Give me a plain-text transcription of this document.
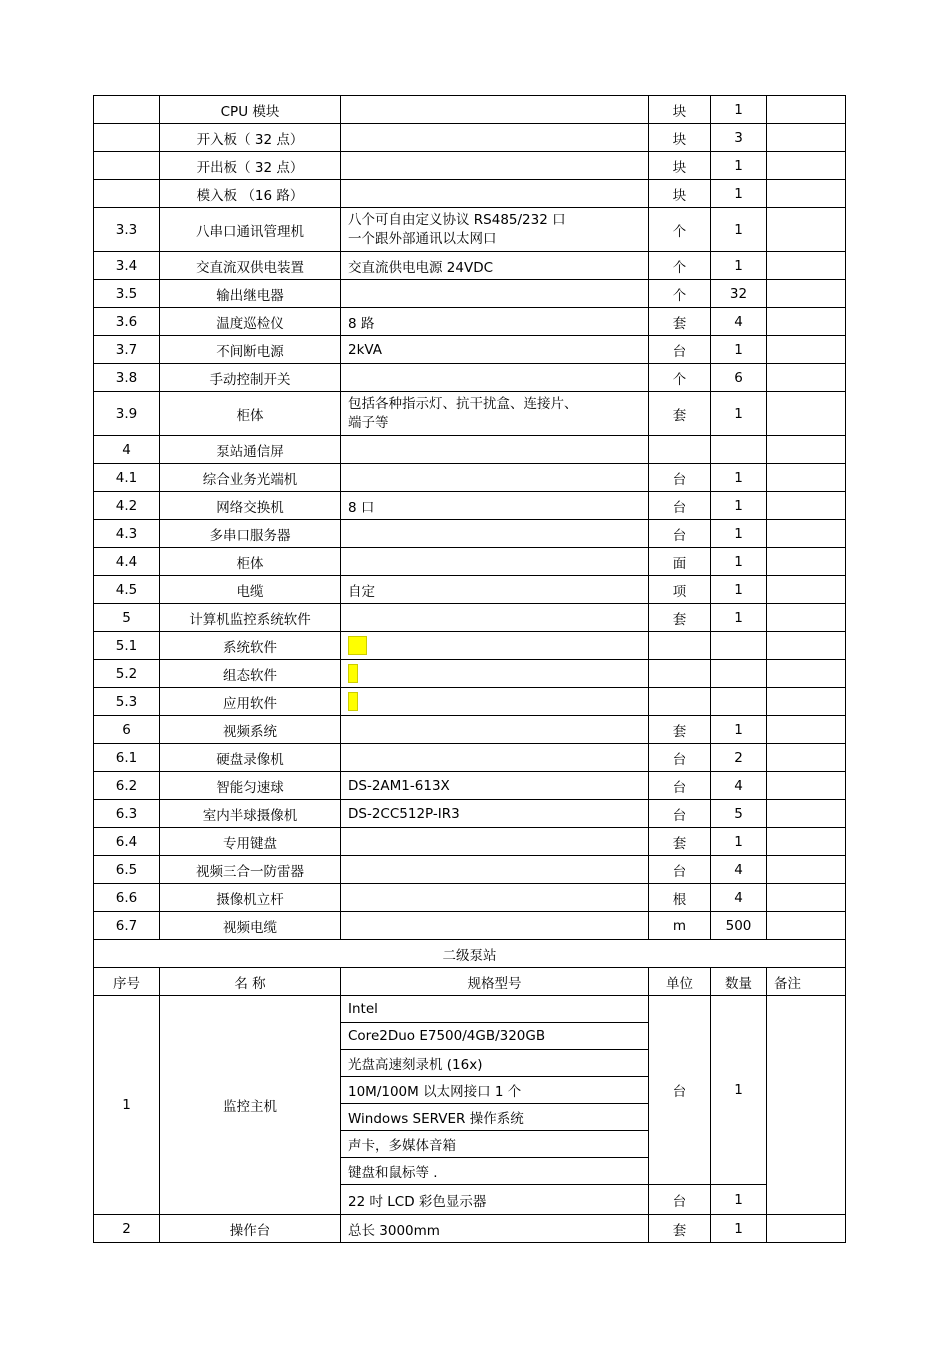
	CPU 模块		块	1	
	开入板（ 32 点）		块	3	
	开出板（ 32 点）		块	1	
	模入板 （16 路）		块	1	
3.3	八串口通讯管理机	八个可自由定义协议 RS485/232 口
一个跟外部通讯以太网口	个	1	
3.4	交直流双供电装置	交直流供电电源 24VDC	个	1	
3.5	输出继电器		个	32	
3.6	温度巡检仪	8 路	套	4	
3.7	不间断电源	2kVA	台	1	
3.8	手动控制开关		个	6	
3.9	柜体	包括各种指示灯、抗干扰盒、连接片、
端子等	套	1	
4	泵站通信屏				
4.1	综合业务光端机		台	1	
4.2	网络交换机	8 口	台	1	
4.3	多串口服务器		台	1	
4.4	柜体		面	1	
4.5	电缆	自定	项	1	
5	计算机监控系统软件		套	1	
5.1	系统软件				
5.2	组态软件				
5.3	应用软件				
6	视频系统		套	1	
6.1	硬盘录像机		台	2	
6.2	智能匀速球	DS-2AM1-613X	台	4	
6.3	室内半球摄像机	DS-2CC512P-IR3	台	5	
6.4	专用键盘		套	1	
6.5	视频三合一防雷器		台	4	
6.6	摄像机立杆		根	4	
6.7	视频电缆		m	500	
二级泵站					
序号	名 称	规格型号	单位	数量	备注
1	监控主机	Intel	台	1	
		Core2Duo E7500/4GB/320GB			
		光盘高速刻录机 (16x)			
		10M/100M 以太网接口 1 个			
		Windows SERVER 操作系统			
		声卡，多媒体音箱			
		键盘和鼠标等 .			
		22 吋 LCD 彩色显示器	台	1	
2	操作台	总长 3000mm	套	1	
